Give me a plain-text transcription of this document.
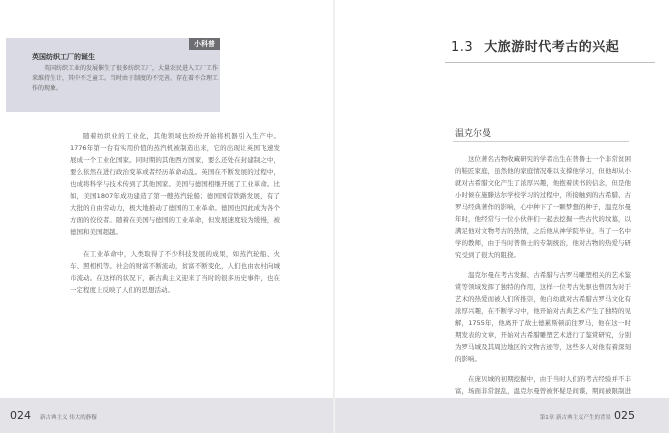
小科普
英国纺织工厂的诞生
英国纺织工业的发展催生了很多纺织工厂，大量农民进入工厂工作来维持生计，其中不乏童工。当时由于制度的不完善，存在着不合理工作的现象。

随着纺织业的工业化，其他领域也纷纷开始将机器引入生产中。1776年第一台有实用价值的蒸汽机被制造出来，它的出现让英国飞速发展成一个工业化国家。同时期的其他西方国家，要么还处在封建制之中，要么依然在进行政治变革或者经历革命动乱。英国在不断发展的过程中，也成将科学与技术传到了其他国家。美国与德国相继开展了工业革命。比如，美国1807年成功建造了第一艘蒸汽轮船；德国国营铁路发展，有了大批的自由劳动力，极大地推动了德国的工业革命。德国也因此成为各个方面的佼佼者。随着在美国与德国的工业革命，但发展速度较为缓慢，被德国和美国超越。

在工业革命中，人类取得了不少科技发展的成果，如蒸汽轮船、火车、照相机等。社会的财富不断流动，贫富不断变化，人们也由农村向城市流动。在这样的状况下，新古典主义迎来了当时的很多历史事件，也在一定程度上反映了人们的思想活动。

024 新古典主义 伟大的静穆
1.3 大旅游时代考古的兴起
温克尔曼

这位著名古物收藏研究的学者出生在普鲁士一个非常贫困的鞋匠家庭，虽然他的家庭情况难以支撑他学习，但他却从小就对古希腊文化产生了浓厚兴趣，他抱着读书的信念，但是他小时候在施滕达尔学校学习的过程中，所接触到的古希腊、古罗马经典著作的影响，心中种下了一颗梦想的种子，温克尔曼年时，他经常与一位小伙伴们一起去挖掘一些古代的坟墓，以满足他对文物考古的热情，之后他从神学院毕业，当了一名中学的教师，由于当时普鲁士的专制统治，他对古物的热爱与研究受到了很大的阻挠。

温克尔曼在考古发掘、古希腊与古罗马雕塑相关的艺术鉴赏等领域发挥了独特的作用，这样一位考古先驱也曾因为对于艺术的热爱而被人们所推崇，他自幼就对古希腊古罗马文化有浓厚兴趣，在不断学习中，他开始对古典艺术产生了独特的见解，1755年，他离开了故土德累斯顿前往罗马，他在这一时期发表的文章，开始对古希腊雕塑艺术进行了鉴赏研究，分别为罗马城及其周边地区的文物古迹等，这些多人对他有着深刻的影响。

在庞贝城的初期挖掘中，由于当时人们的考古经验并不丰富，场面非常混乱，温克尔曼曾被怀疑是间谍，期间被限制进

第1章 新古典主义产生的背景 025
